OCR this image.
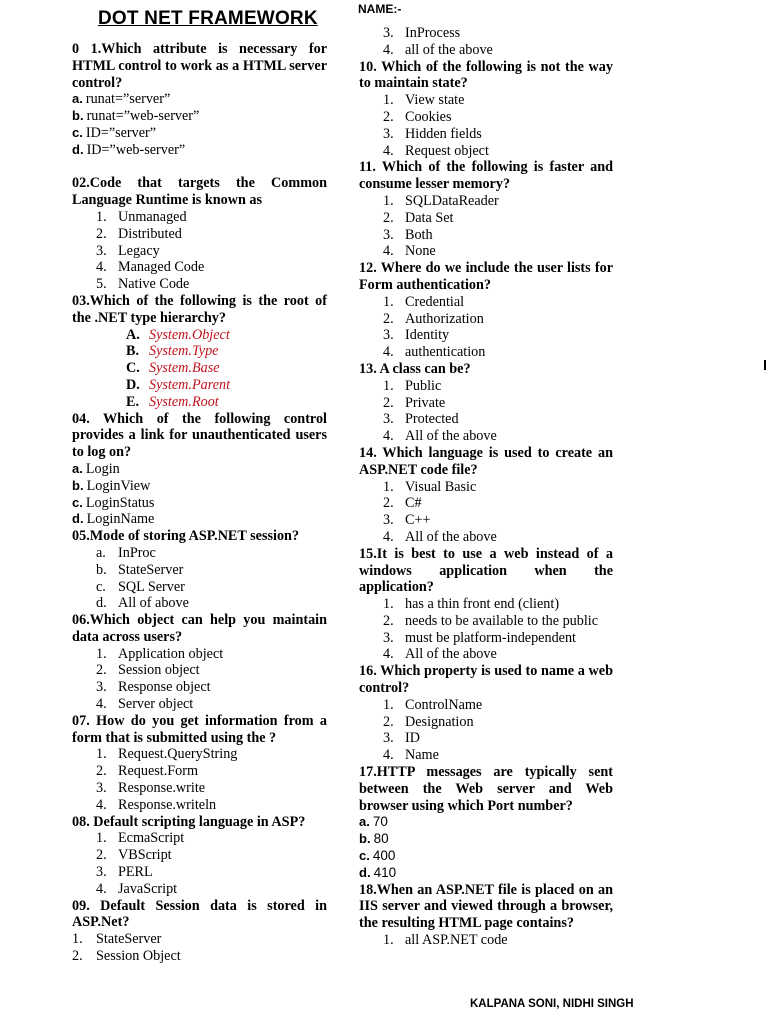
DOT NET FRAMEWORK	NAME:-
0 1.Which attribute is necessary for HTML control to work as a HTML server control?
a. runat=”server”
b. runat=”web-server”
c. ID=”server”
d. ID=”web-server”
02.Code that targets the Common Language Runtime is known as
1. Unmanaged
2. Distributed
3. Legacy
4. Managed Code
5. Native Code
03.Which of the following is the root of the .NET type hierarchy?
A. System.Object
B. System.Type
C. System.Base
D. System.Parent
E. System.Root
04. Which of the following control provides a link for unauthenticated users to log on?
a. Login
b. LoginView
c. LoginStatus
d. LoginName
05.Mode of storing ASP.NET session?
a. InProc
b. StateServer
c. SQL Server
d. All of above
06.Which object can help you maintain data across users?
1. Application object
2. Session object
3. Response object
4. Server object
07. How do you get information from a form that is submitted using the ?
1. Request.QueryString
2. Request.Form
3. Response.write
4. Response.writeln
08. Default scripting language in ASP?
1. EcmaScript
2. VBScript
3. PERL
4. JavaScript
09. Default Session data is stored in ASP.Net?
1. StateServer
2. Session Object
3. InProcess
4. all of the above
10. Which of the following is not the way to maintain state?
1. View state
2. Cookies
3. Hidden fields
4. Request object
11. Which of the following is faster and consume lesser memory?
1. SQLDataReader
2. Data Set
3. Both
4. None
12. Where do we include the user lists for Form authentication?
1. Credential
2. Authorization
3. Identity
4. authentication
13. A class can be?
1. Public
2. Private
3. Protected
4. All of the above
14. Which language is used to create an ASP.NET code file?
1. Visual Basic
2. C#
3. C++
4. All of the above
15.It is best to use a web instead of a windows application when the application?
1. has a thin front end (client)
2. needs to be available to the public
3. must be platform-independent
4. All of the above
16. Which property is used to name a web control?
1. ControlName
2. Designation
3. ID
4. Name
17.HTTP messages are typically sent between the Web server and Web browser using which Port number?
a. 70
b. 80
c. 400
d. 410
18.When an ASP.NET file is placed on an IIS server and viewed through a browser, the resulting HTML page contains?
1. all ASP.NET code
KALPANA SONI, NIDHI SINGH
